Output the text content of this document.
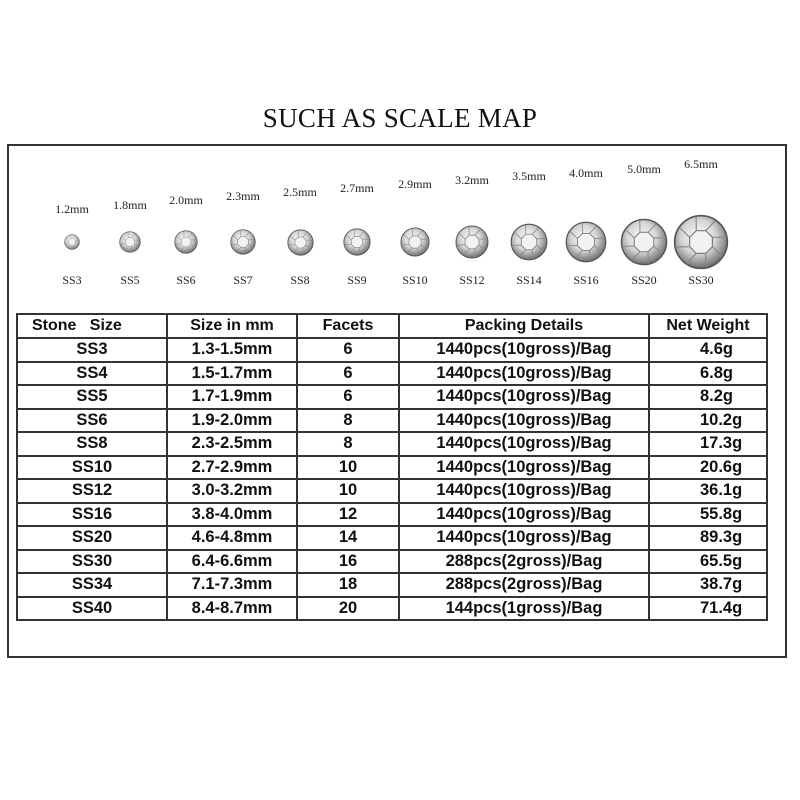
SUCH AS SCALE MAP
1.2mm
SS3
1.8mm
SS5
2.0mm
SS6
2.3mm
SS7
2.5mm
SS8
2.7mm
SS9
2.9mm
SS10
3.2mm
SS12
3.5mm
SS14
4.0mm
SS16
5.0mm
SS20
6.5mm
SS30
Stone   Size	Size in mm	Facets	Packing Details	Net Weight
SS3	1.3-1.5mm	6	1440pcs(10gross)/Bag	4.6g
SS4	1.5-1.7mm	6	1440pcs(10gross)/Bag	6.8g
SS5	1.7-1.9mm	6	1440pcs(10gross)/Bag	8.2g
SS6	1.9-2.0mm	8	1440pcs(10gross)/Bag	10.2g
SS8	2.3-2.5mm	8	1440pcs(10gross)/Bag	17.3g
SS10	2.7-2.9mm	10	1440pcs(10gross)/Bag	20.6g
SS12	3.0-3.2mm	10	1440pcs(10gross)/Bag	36.1g
SS16	3.8-4.0mm	12	1440pcs(10gross)/Bag	55.8g
SS20	4.6-4.8mm	14	1440pcs(10gross)/Bag	89.3g
SS30	6.4-6.6mm	16	288pcs(2gross)/Bag	65.5g
SS34	7.1-7.3mm	18	288pcs(2gross)/Bag	38.7g
SS40	8.4-8.7mm	20	144pcs(1gross)/Bag	71.4g
